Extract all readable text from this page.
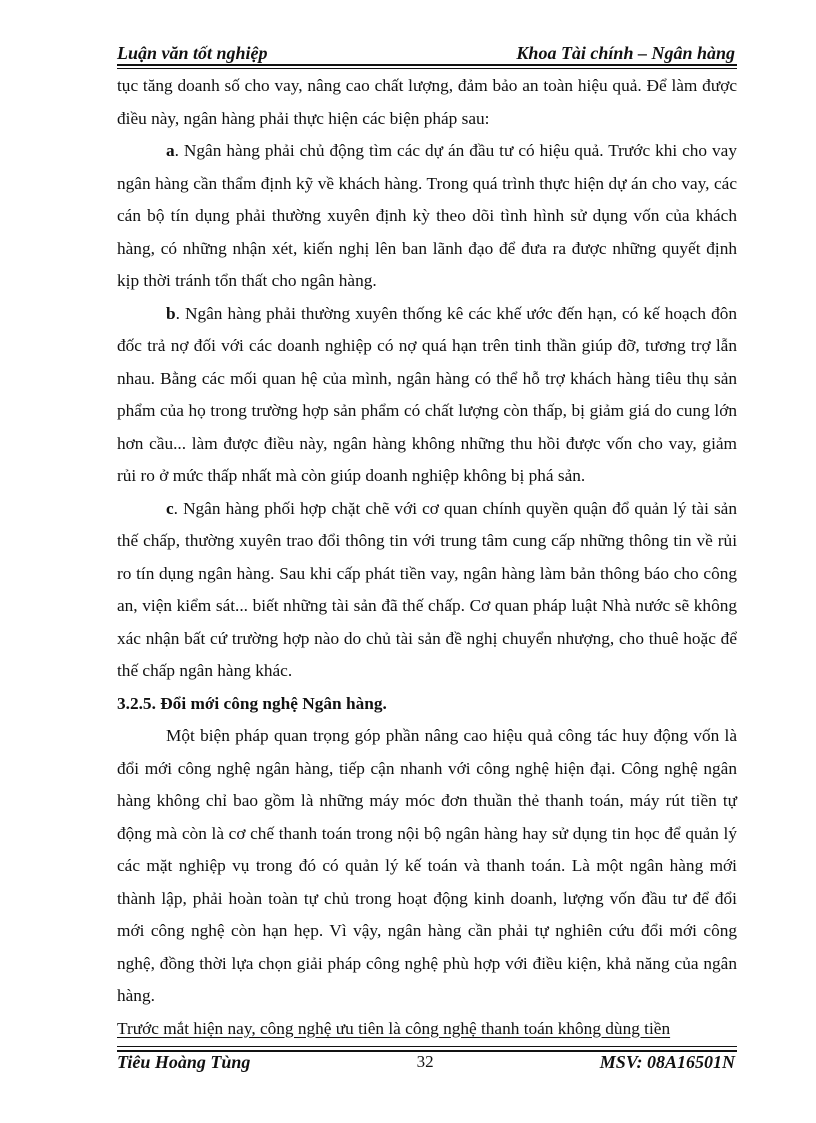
Luận văn tốt nghiệp	Khoa Tài chính – Ngân hàng

tục tăng doanh số cho vay, nâng cao chất lượng, đảm bảo an toàn hiệu quả. Để làm được điều này, ngân hàng phải thực hiện các biện pháp sau:

a. Ngân hàng phải chủ động tìm các dự án đầu tư có hiệu quả. Trước khi cho vay ngân hàng cần thẩm định kỹ về khách hàng. Trong quá trình thực hiện dự án cho vay, các cán bộ tín dụng phải thường xuyên định kỳ theo dõi tình hình sử dụng vốn của khách hàng, có những nhận xét, kiến nghị lên ban lãnh đạo để đưa ra được những quyết định kịp thời tránh tổn thất cho ngân hàng.

b. Ngân hàng phải thường xuyên thống kê các khế ước đến hạn, có kế hoạch đôn đốc trả nợ đối với các doanh nghiệp có nợ quá hạn trên tinh thần giúp đỡ, tương trợ lẫn nhau. Bằng các mối quan hệ của mình, ngân hàng có thể hỗ trợ khách hàng tiêu thụ sản phẩm của họ trong trường hợp sản phẩm có chất lượng còn thấp, bị giảm giá do cung lớn hơn cầu... làm được điều này, ngân hàng không những thu hồi được vốn cho vay, giảm rủi ro ở mức thấp nhất mà còn giúp doanh nghiệp không bị phá sản.

c. Ngân hàng phối hợp chặt chẽ với cơ quan chính quyền quận đổ quản lý tài sản thế chấp, thường xuyên trao đổi thông tin với trung tâm cung cấp những thông tin về rủi ro tín dụng ngân hàng. Sau khi cấp phát tiền vay, ngân hàng làm bản thông báo cho công an, viện kiểm sát... biết những tài sản đã thế chấp. Cơ quan pháp luật Nhà nước sẽ không xác nhận bất cứ trường hợp nào do chủ tài sản đề nghị chuyển nhượng, cho thuê hoặc để thế chấp ngân hàng khác.

3.2.5. Đổi mới công nghệ Ngân hàng.

Một biện pháp quan trọng góp phần nâng cao hiệu quả công tác huy động vốn là đổi mới công nghệ ngân hàng, tiếp cận nhanh với công nghệ hiện đại. Công nghệ ngân hàng không chỉ bao gồm là những máy móc đơn thuần thẻ thanh toán, máy rút tiền tự động mà còn là cơ chế thanh toán trong nội bộ ngân hàng hay sử dụng tin học để quản lý các mặt nghiệp vụ trong đó có quản lý kế toán và thanh toán. Là một ngân hàng mới thành lập, phải hoàn toàn tự chủ trong hoạt động kinh doanh, lượng vốn đầu tư để đổi mới công nghệ còn hạn hẹp. Vì vậy, ngân hàng cần phải tự nghiên cứu đổi mới công nghệ, đồng thời lựa chọn giải pháp công nghệ phù hợp với điều kiện, khả năng của ngân hàng.

Trước mắt hiện nay, công nghệ ưu tiên là công nghệ thanh toán không dùng tiền

Tiêu Hoàng Tùng	32	MSV: 08A16501N
